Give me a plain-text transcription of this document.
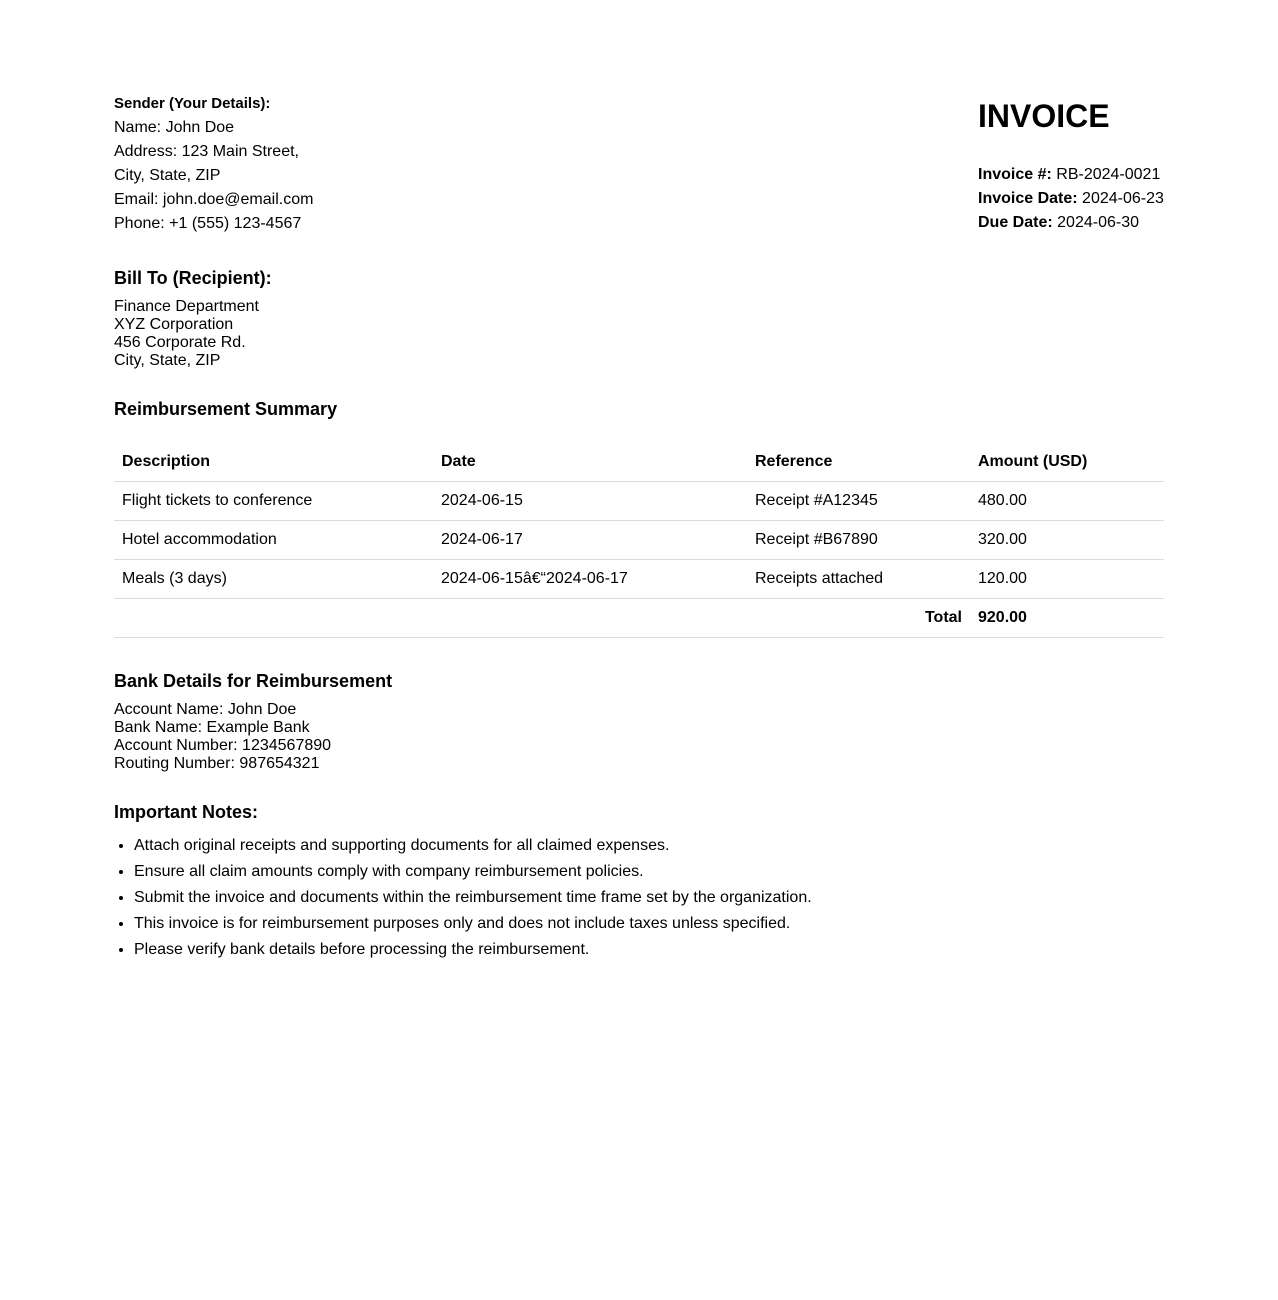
Sender (Your Details):
Name: John Doe
Address: 123 Main Street,
City, State, ZIP
Email: john.doe@email.com
Phone: +1 (555) 123-4567
INVOICE
Invoice #: RB-2024-0021
Invoice Date: 2024-06-23
Due Date: 2024-06-30
Bill To (Recipient):
Finance Department
XYZ Corporation
456 Corporate Rd.
City, State, ZIP
Reimbursement Summary
Description	Date	Reference	Amount (USD)
Flight tickets to conference	2024-06-15	Receipt #A12345	480.00
Hotel accommodation	2024-06-17	Receipt #B67890	320.00
Meals (3 days)	2024-06-15â€“2024-06-17	Receipts attached	120.00
Total			920.00
Bank Details for Reimbursement
Account Name: John Doe
Bank Name: Example Bank
Account Number: 1234567890
Routing Number: 987654321
Important Notes:
• Attach original receipts and supporting documents for all claimed expenses.
• Ensure all claim amounts comply with company reimbursement policies.
• Submit the invoice and documents within the reimbursement time frame set by the organization.
• This invoice is for reimbursement purposes only and does not include taxes unless specified.
• Please verify bank details before processing the reimbursement.
